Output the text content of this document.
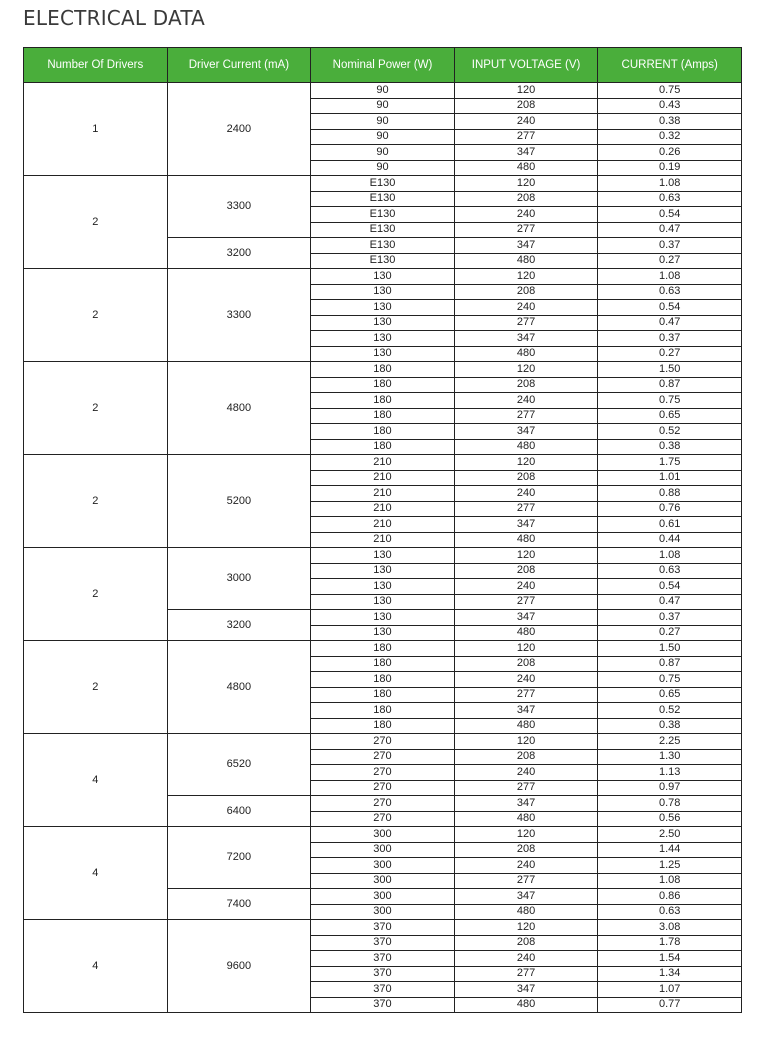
ELECTRICAL DATA
Number Of Drivers	Driver Current (mA)	Nominal Power (W)	INPUT VOLTAGE (V)	CURRENT (Amps)
1	2400	90	120	0.75
		90	208	0.43
		90	240	0.38
		90	277	0.32
		90	347	0.26
		90	480	0.19
2	3300	E130	120	1.08
		E130	208	0.63
		E130	240	0.54
		E130	277	0.47
	3200	E130	347	0.37
		E130	480	0.27
2	3300	130	120	1.08
		130	208	0.63
		130	240	0.54
		130	277	0.47
		130	347	0.37
		130	480	0.27
2	4800	180	120	1.50
		180	208	0.87
		180	240	0.75
		180	277	0.65
		180	347	0.52
		180	480	0.38
2	5200	210	120	1.75
		210	208	1.01
		210	240	0.88
		210	277	0.76
		210	347	0.61
		210	480	0.44
2	3000	130	120	1.08
		130	208	0.63
		130	240	0.54
		130	277	0.47
	3200	130	347	0.37
		130	480	0.27
2	4800	180	120	1.50
		180	208	0.87
		180	240	0.75
		180	277	0.65
		180	347	0.52
		180	480	0.38
4	6520	270	120	2.25
		270	208	1.30
		270	240	1.13
		270	277	0.97
	6400	270	347	0.78
		270	480	0.56
4	7200	300	120	2.50
		300	208	1.44
		300	240	1.25
		300	277	1.08
	7400	300	347	0.86
		300	480	0.63
4	9600	370	120	3.08
		370	208	1.78
		370	240	1.54
		370	277	1.34
		370	347	1.07
		370	480	0.77
